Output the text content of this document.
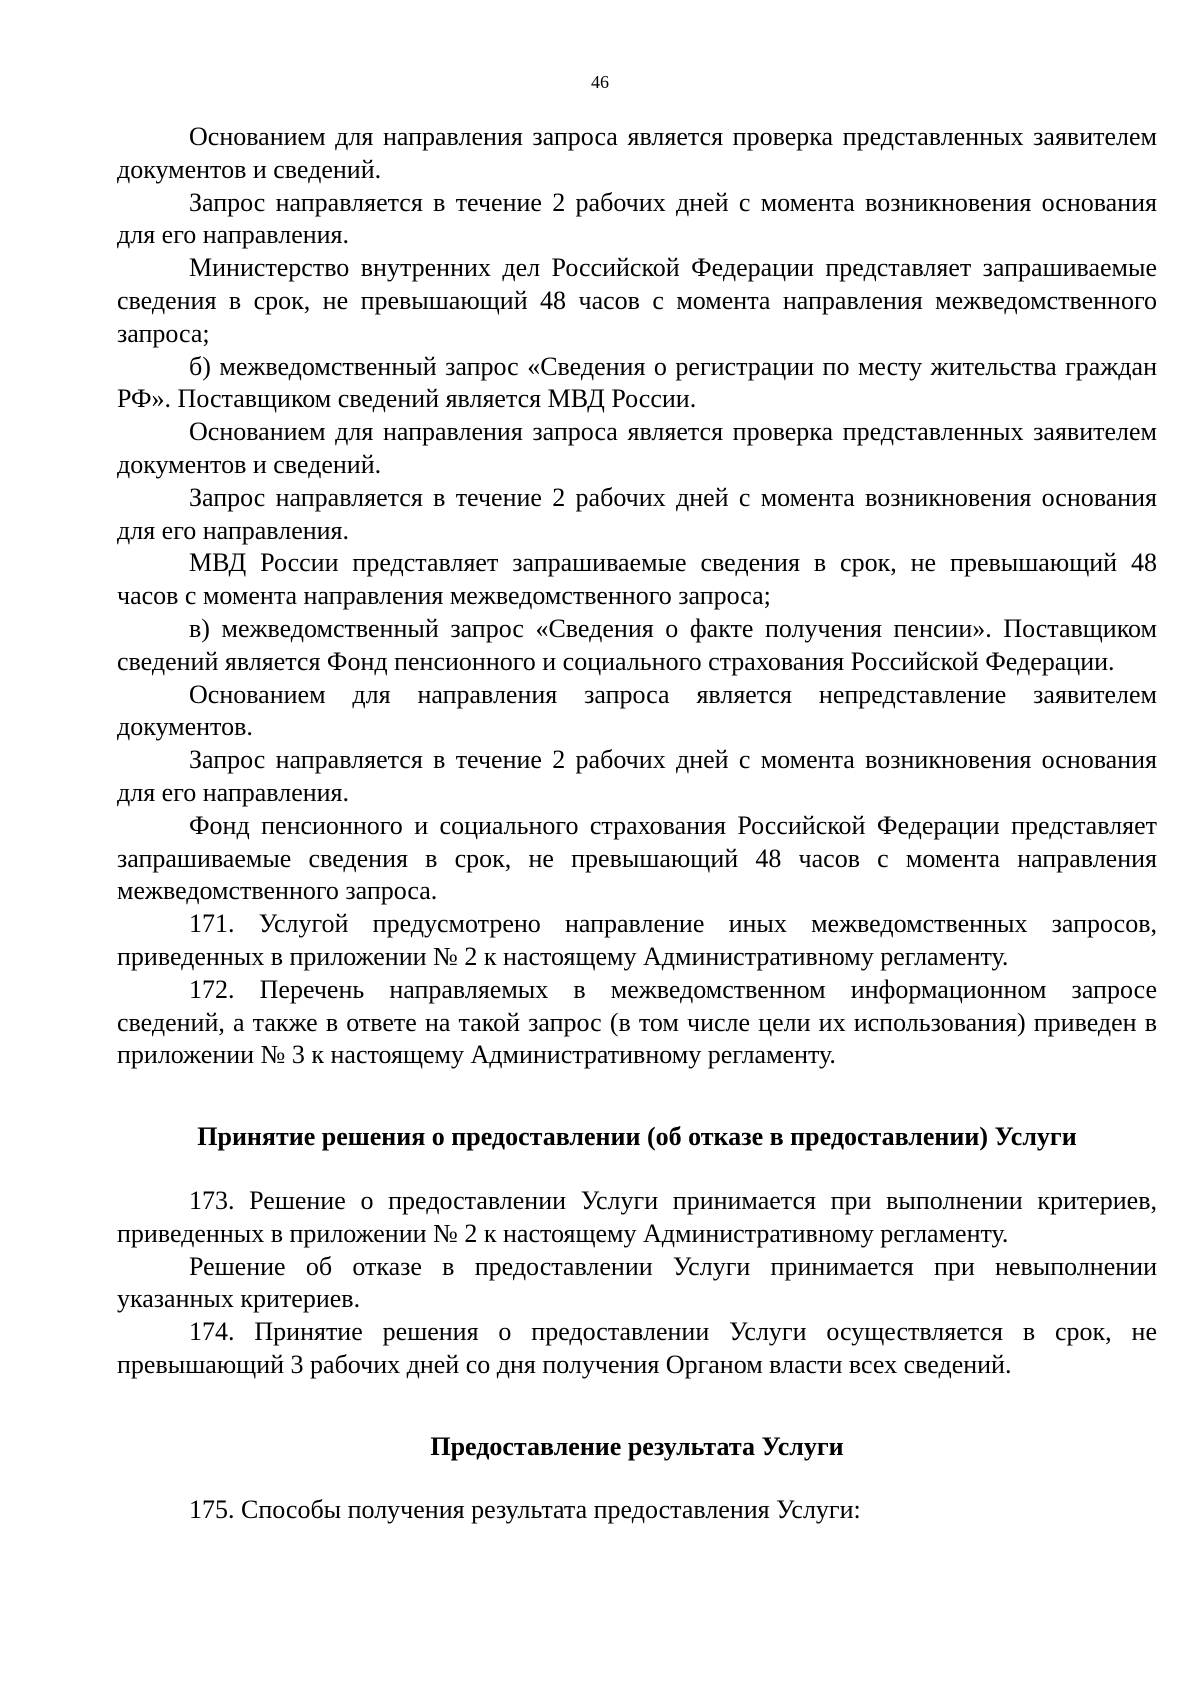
46

Основанием для направления запроса является проверка представленных заявителем документов и сведений.

Запрос направляется в течение 2 рабочих дней с момента возникновения основания для его направления.

Министерство внутренних дел Российской Федерации представляет запрашиваемые сведения в срок, не превышающий 48 часов с момента направления межведомственного запроса;

б) межведомственный запрос «Сведения о регистрации по месту жительства граждан РФ». Поставщиком сведений является МВД России.

Основанием для направления запроса является проверка представленных заявителем документов и сведений.

Запрос направляется в течение 2 рабочих дней с момента возникновения основания для его направления.

МВД России представляет запрашиваемые сведения в срок, не превышающий 48 часов с момента направления межведомственного запроса;

в) межведомственный запрос «Сведения о факте получения пенсии». Поставщиком сведений является Фонд пенсионного и социального страхования Российской Федерации.

Основанием для направления запроса является непредставление заявителем документов.

Запрос направляется в течение 2 рабочих дней с момента возникновения основания для его направления.

Фонд пенсионного и социального страхования Российской Федерации представляет запрашиваемые сведения в срок, не превышающий 48 часов с момента направления межведомственного запроса.

171. Услугой предусмотрено направление иных межведомственных запросов, приведенных в приложении № 2 к настоящему Административному регламенту.

172. Перечень направляемых в межведомственном информационном запросе сведений, а также в ответе на такой запрос (в том числе цели их использования) приведен в приложении № 3 к настоящему Административному регламенту.

Принятие решения о предоставлении (об отказе в предоставлении) Услуги

173. Решение о предоставлении Услуги принимается при выполнении критериев, приведенных в приложении № 2 к настоящему Административному регламенту.

Решение об отказе в предоставлении Услуги принимается при невыполнении указанных критериев.

174. Принятие решения о предоставлении Услуги осуществляется в срок, не превышающий 3 рабочих дней со дня получения Органом власти всех сведений.

Предоставление результата Услуги

175. Способы получения результата предоставления Услуги:
